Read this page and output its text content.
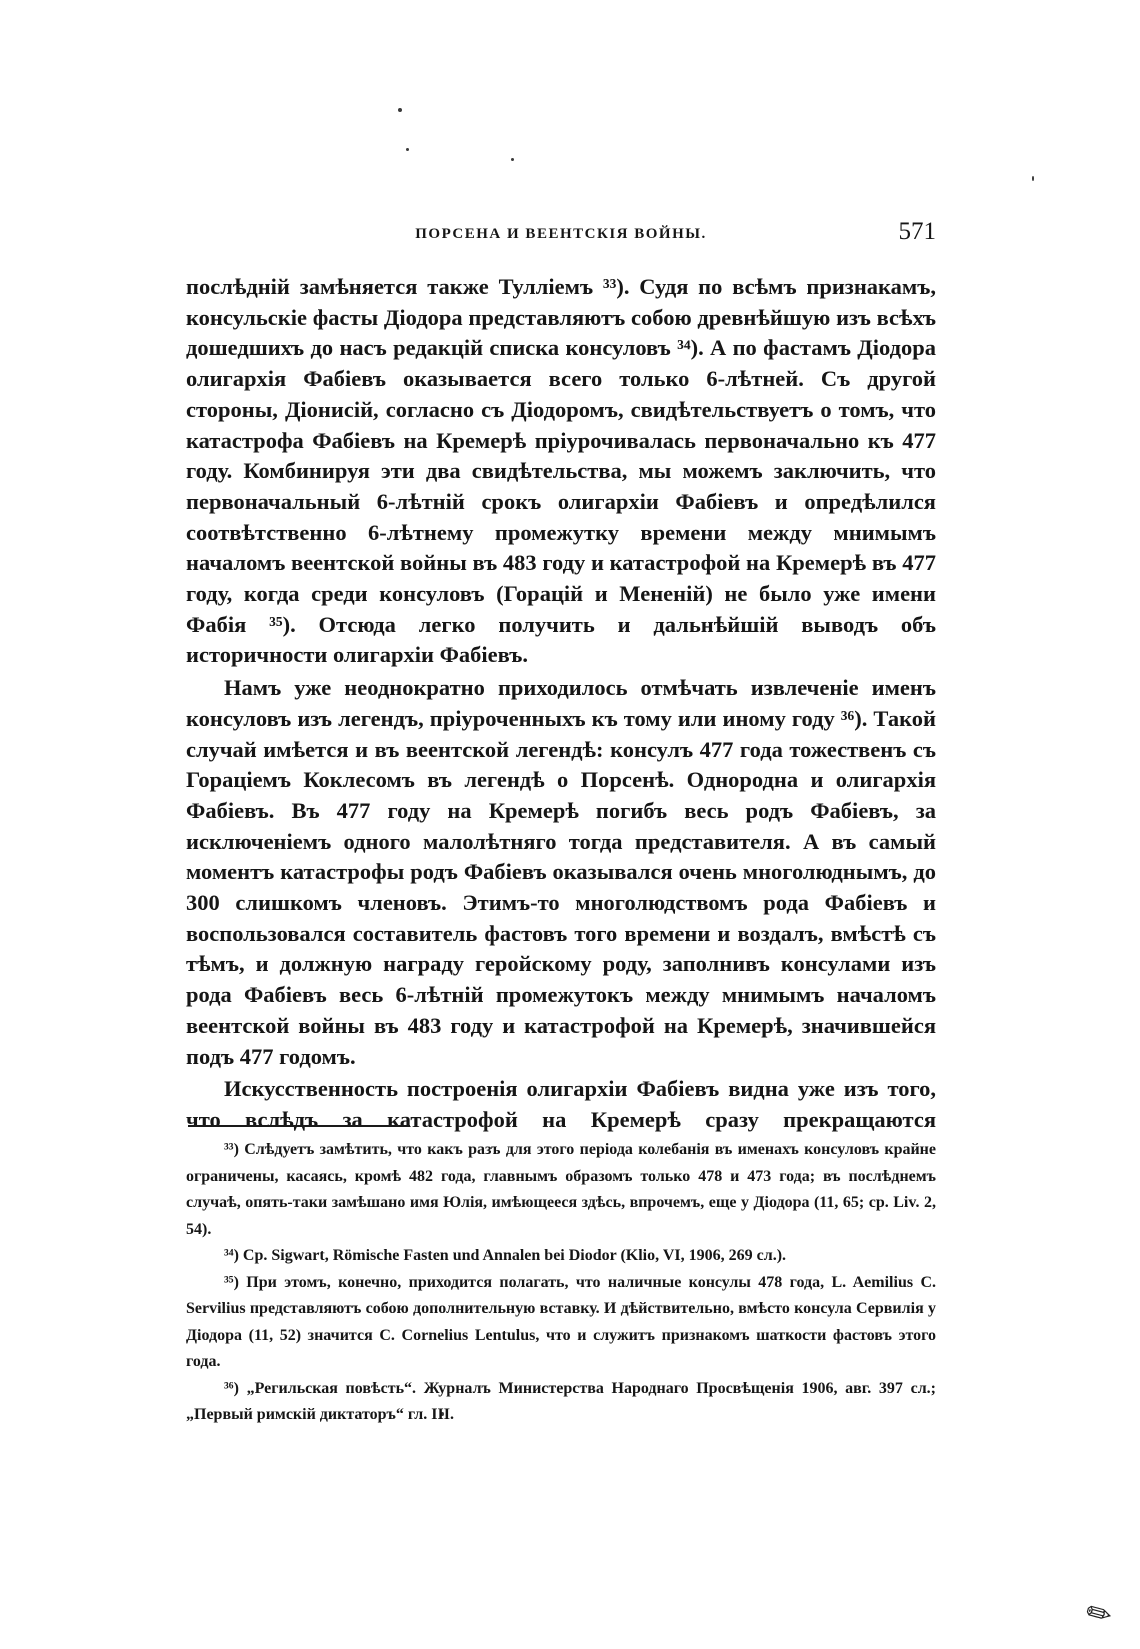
ПОРСЕНА И ВЕЕНТСКІЯ ВОЙНЫ.	571

послѣдній замѣняется также Тулліемъ ³³). Судя по всѣмъ признакамъ, консульскіе фасты Діодора представляютъ собою древнѣйшую изъ всѣхъ дошедшихъ до насъ редакцій списка консуловъ ³⁴). А по фастамъ Діодора олигархія Фабіевъ оказывается всего только 6-лѣтней. Съ другой стороны, Діонисій, согласно съ Діодоромъ, свидѣтельствуетъ о томъ, что катастрофа Фабіевъ на Кремерѣ пріурочивалась первоначально къ 477 году. Комбинируя эти два свидѣтельства, мы можемъ заключить, что первоначальный 6-лѣтній срокъ олигархіи Фабіевъ и опредѣлился соотвѣтственно 6-лѣтнему промежутку времени между мнимымъ началомъ веентской войны въ 483 году и катастрофой на Кремерѣ въ 477 году, когда среди консуловъ (Горацій и Мененій) не было уже имени Фабія ³⁵). Отсюда легко получить и дальнѣйшій выводъ объ историчности олигархіи Фабіевъ.

Намъ уже неоднократно приходилось отмѣчать извлеченіе именъ консуловъ изъ легендъ, пріуроченныхъ къ тому или иному году ³⁶). Такой случай имѣется и въ веентской легендѣ: консулъ 477 года тожественъ съ Гораціемъ Коклесомъ въ легендѣ о Порсенѣ. Однородна и олигархія Фабіевъ. Въ 477 году на Кремерѣ погибъ весь родъ Фабіевъ, за исключеніемъ одного малолѣтняго тогда представителя. А въ самый моментъ катастрофы родъ Фабіевъ оказывался очень многолюднымъ, до 300 слишкомъ членовъ. Этимъ-то многолюдствомъ рода Фабіевъ и воспользовался составитель фастовъ того времени и воздалъ, вмѣстѣ съ тѣмъ, и должную награду геройскому роду, заполнивъ консулами изъ рода Фабіевъ весь 6-лѣтній промежутокъ между мнимымъ началомъ веентской войны въ 483 году и катастрофой на Кремерѣ, значившейся подъ 477 годомъ.

Искусственность построенія олигархіи Фабіевъ видна уже изъ того, что вслѣдъ за катастрофой на Кремерѣ сразу прекращаются

³³) Слѣдуетъ замѣтить, что какъ разъ для этого періода колебанія въ именахъ консуловъ крайне ограничены, касаясь, кромѣ 482 года, главнымъ образомъ только 478 и 473 года; въ послѣднемъ случаѣ, опять-таки замѣшано имя Юлія, имѣющееся здѣсь, впрочемъ, еще у Діодора (11, 65; ср. Liv. 2, 54).

³⁴) Ср. Sigwart, Römische Fasten und Annalen bei Diodor (Klio, VI, 1906, 269 сл.).

³⁵) При этомъ, конечно, приходится полагать, что наличные консулы 478 года, L. Aemilius C. Servilius представляютъ собою дополнительную вставку. И дѣйствительно, вмѣсто консула Сервилія у Діодора (11, 52) значится C. Cornelius Lentulus, что и служитъ признакомъ шаткости фастовъ этого года.

³⁶) „Регильская повѣсть“. Журналъ Министерства Народнаго Просвѣщенія 1906, авг. 397 сл.; „Первый римскій диктаторъ“ гл. III.

✎
